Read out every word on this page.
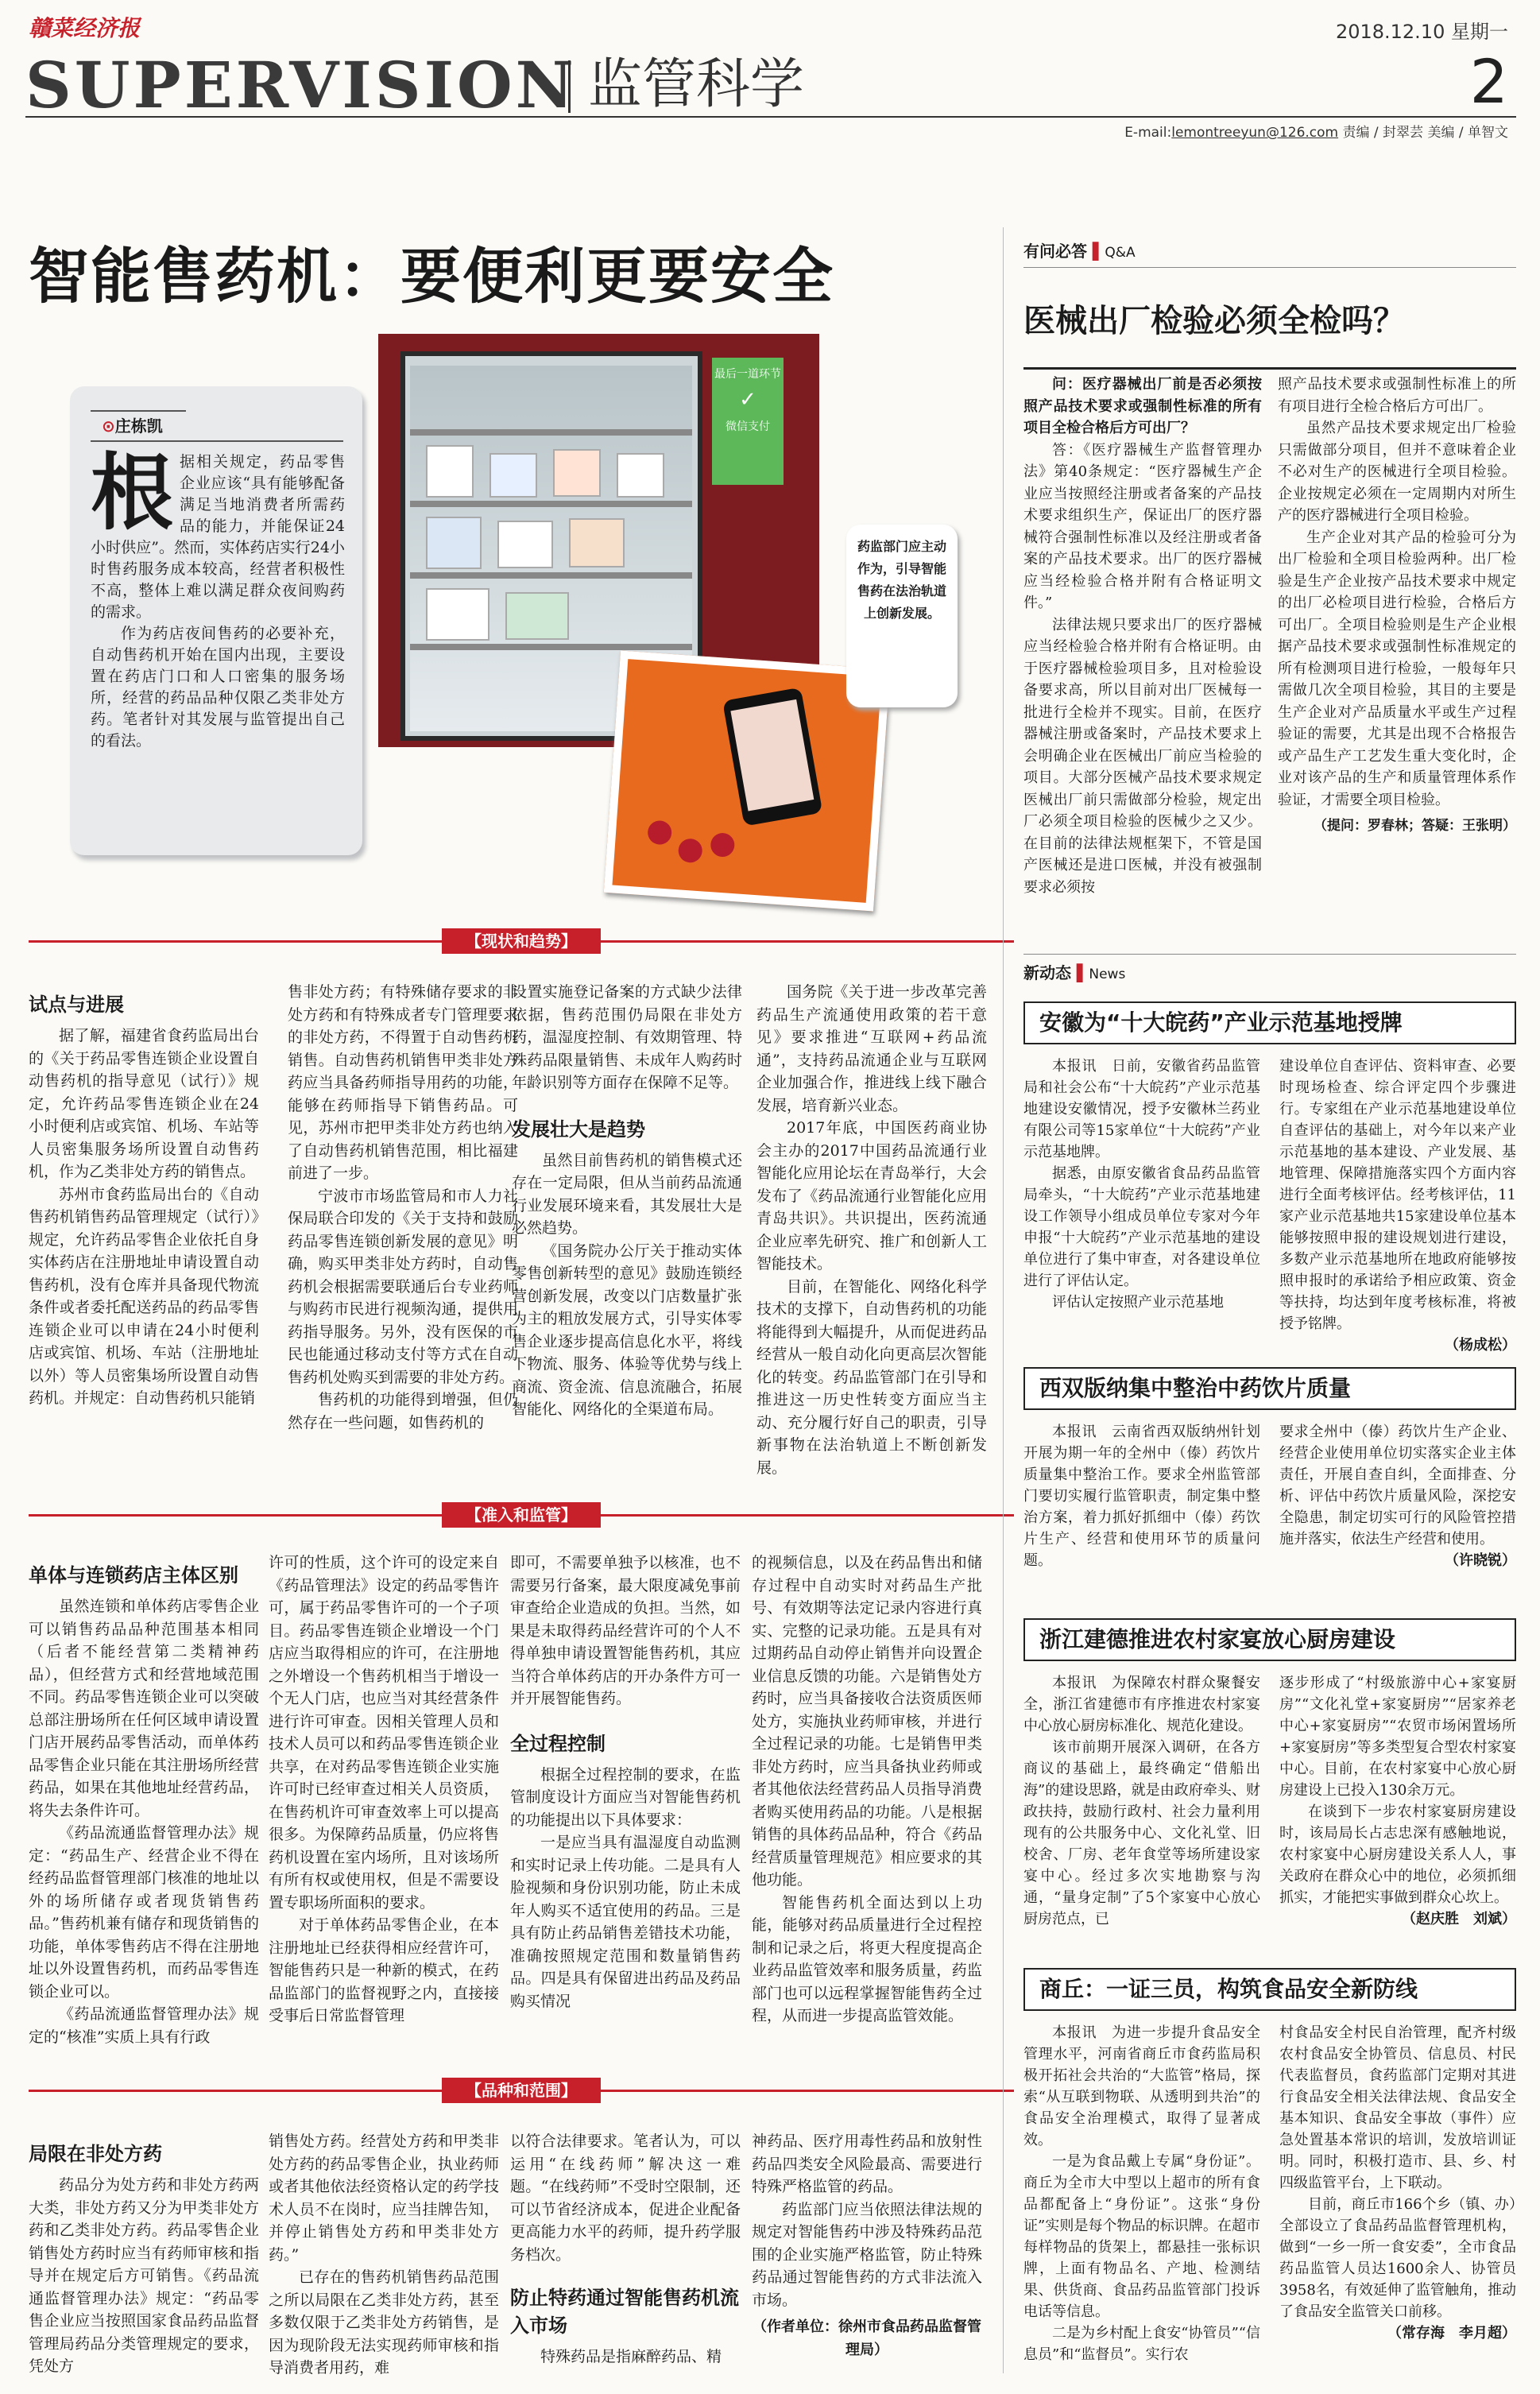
贛菜经济报	2018.12.10 星期一
SUPERVISION 监管科学	2
E-mail:lemontreeyun@126.com 责编 / 封翠芸 美编 / 单智文
智能售药机：要便利更要安全
⊙庄栋凯
根据相关规定，药品零售企业应该“具有能够配备满足当地消费者所需药品的能力，并能保证24小时供应”。然而，实体药店实行24小时售药服务成本较高，经营者积极性不高，整体上难以满足群众夜间购药的需求。
作为药店夜间售药的必要补充，自动售药机开始在国内出现，主要设置在药店门口和人口密集的服务场所，经营的药品品种仅限乙类非处方药。笔者针对其发展与监管提出自己的看法。
最后一道环节
✓
微信支付
药监部门应主动作为，引导智能售药在法治轨道上创新发展。
【现状和趋势】
试点与进展

据了解，福建省食药监局出台的《关于药品零售连锁企业设置自动售药机的指导意见（试行）》规定，允许药品零售连锁企业在24小时便利店或宾馆、机场、车站等人员密集服务场所设置自动售药机，作为乙类非处方药的销售点。

苏州市食药监局出台的《自动售药机销售药品管理规定（试行）》规定，允许药品零售企业依托自身实体药店在注册地址申请设置自动售药机，没有仓库并具备现代物流条件或者委托配送药品的药品零售连锁企业可以申请在24小时便利店或宾馆、机场、车站（注册地址以外）等人员密集场所设置自动售药机。并规定：自动售药机只能销

售非处方药；有特殊储存要求的非处方药和有特殊成者专门管理要求的非处方药，不得置于自动售药机销售。自动售药机销售甲类非处方药应当具备药师指导用药的功能，能够在药师指导下销售药品。可见，苏州市把甲类非处方药也纳入了自动售药机销售范围，相比福建前进了一步。

宁波市市场监管局和市人力社保局联合印发的《关于支持和鼓励药品零售连锁创新发展的意见》明确，购买甲类非处方药时，自动售药机会根据需要联通后台专业药师与购药市民进行视频沟通，提供用药指导服务。另外，没有医保的市民也能通过移动支付等方式在自动售药机处购买到需要的非处方药。

售药机的功能得到增强，但仍然存在一些问题，如售药机的

设置实施登记备案的方式缺少法律依据，售药范围仍局限在非处方药，温湿度控制、有效期管理、特殊药品限量销售、未成年人购药时年龄识别等方面存在保障不足等。

发展壮大是趋势

虽然目前售药机的销售模式还存在一定局限，但从当前药品流通行业发展环境来看，其发展壮大是必然趋势。

《国务院办公厅关于推动实体零售创新转型的意见》鼓励连锁经营创新发展，改变以门店数量扩张为主的粗放发展方式，引导实体零售企业逐步提高信息化水平，将线下物流、服务、体验等优势与线上商流、资金流、信息流融合，拓展智能化、网络化的全渠道布局。

国务院《关于进一步改革完善药品生产流通使用政策的若干意见》要求推进“互联网+药品流通”，支持药品流通企业与互联网企业加强合作，推进线上线下融合发展，培育新兴业态。

2017年底，中国医药商业协会主办的2017中国药品流通行业智能化应用论坛在青岛举行，大会发布了《药品流通行业智能化应用青岛共识》。共识提出，医药流通企业应率先研究、推广和创新人工智能技术。

目前，在智能化、网络化科学技术的支撑下，自动售药机的功能将能得到大幅提升，从而促进药品经营从一般自动化向更高层次智能化的转变。药品监管部门在引导和推进这一历史性转变方面应当主动、充分履行好自己的职责，引导新事物在法治轨道上不断创新发展。

【准入和监管】
单体与连锁药店主体区别

虽然连锁和单体药店零售企业可以销售药品品种范围基本相同（后者不能经营第二类精神药品），但经营方式和经营地域范围不同。药品零售连锁企业可以突破总部注册场所在任何区域申请设置门店开展药品零售活动，而单体药品零售企业只能在其注册场所经营药品，如果在其他地址经营药品，将失去条件许可。

《药品流通监督管理办法》规定：“药品生产、经营企业不得在经药品监督管理部门核准的地址以外的场所储存或者现货销售药品。”售药机兼有储存和现货销售的功能，单体零售药店不得在注册地址以外设置售药机，而药品零售连锁企业可以。

《药品流通监督管理办法》规定的“核准”实质上具有行政

许可的性质，这个许可的设定来自《药品管理法》设定的药品零售许可，属于药品零售许可的一个子项目。药品零售连锁企业增设一个门店应当取得相应的许可，在注册地之外增设一个售药机相当于增设一个无人门店，也应当对其经营条件进行许可审查。因相关管理人员和技术人员可以和药品零售连锁企业共享，在对药品零售连锁企业实施许可时已经审查过相关人员资质，在售药机许可审查效率上可以提高很多。为保障药品质量，仍应将售药机设置在室内场所，且对该场所有所有权或使用权，但是不需要设置专职场所面积的要求。

对于单体药品零售企业，在本注册地址已经获得相应经营许可，智能售药只是一种新的模式，在药品监部门的监督视野之内，直接接受事后日常监督管理

即可，不需要单独予以核准，也不需要另行备案，最大限度减免事前审查给企业造成的负担。当然，如果是未取得药品经营许可的个人不得单独申请设置智能售药机，其应当符合单体药店的开办条件方可一并开展智能售药。

全过程控制

根据全过程控制的要求，在监管制度设计方面应当对智能售药机的功能提出以下具体要求：

一是应当具有温湿度自动监测和实时记录上传功能。二是具有人脸视频和身份识别功能，防止未成年人购买不适宜使用的药品。三是具有防止药品销售差错技术功能，准确按照规定范围和数量销售药品。四是具有保留进出药品及药品购买情况

的视频信息，以及在药品售出和储存过程中自动实时对药品生产批号、有效期等法定记录内容进行真实、完整的记录功能。五是具有对过期药品自动停止销售并向设置企业信息反馈的功能。六是销售处方药时，应当具备接收合法资质医师处方，实施执业药师审核，并进行全过程记录的功能。七是销售甲类非处方药时，应当具备执业药师或者其他依法经营药品人员指导消费者购买使用药品的功能。八是根据销售的具体药品品种，符合《药品经营质量管理规范》相应要求的其他功能。

智能售药机全面达到以上功能，能够对药品质量进行全过程控制和记录之后，将更大程度提高企业药品监管效率和服务质量，药监部门也可以远程掌握智能售药全过程，从而进一步提高监管效能。

【品种和范围】
局限在非处方药

药品分为处方药和非处方药两大类，非处方药又分为甲类非处方药和乙类非处方药。药品零售企业销售处方药时应当有药师审核和指导并在规定后方可销售。《药品流通监督管理办法》规定：“药品零售企业应当按照国家食品药品监督管理局药品分类管理规定的要求，凭处方

销售处方药。经营处方药和甲类非处方药的药品零售企业，执业药师或者其他依法经资格认定的药学技术人员不在岗时，应当挂牌告知，并停止销售处方药和甲类非处方药。”

已存在的售药机销售药品范围之所以局限在乙类非处方药，甚至多数仅限于乙类非处方药销售，是因为现阶段无法实现药师审核和指导消费者用药，难

以符合法律要求。笔者认为，可以运用“在线药师”解决这一难题。“在线药师”不受时空限制，还可以节省经济成本，促进企业配备更高能力水平的药师，提升药学服务档次。

防止特药通过智能售药机流入市场

特殊药品是指麻醉药品、精

神药品、医疗用毒性药品和放射性药品四类安全风险最高、需要进行特殊严格监管的药品。

药监部门应当依照法律法规的规定对智能售药中涉及特殊药品范围的企业实施严格监管，防止特殊药品通过智能售药的方式非法流入市场。

（作者单位：徐州市食品药品监督管理局）
有问必答 ▌Q&A
医械出厂检验必须全检吗？

问：医疗器械出厂前是否必须按照产品技术要求或强制性标准的所有项目全检合格后方可出厂？

答：《医疗器械生产监督管理办法》第40条规定：“医疗器械生产企业应当按照经注册或者备案的产品技术要求组织生产，保证出厂的医疗器械符合强制性标准以及经注册或者备案的产品技术要求。出厂的医疗器械应当经检验合格并附有合格证明文件。”

法律法规只要求出厂的医疗器械应当经检验合格并附有合格证明。由于医疗器械检验项目多，且对检验设备要求高，所以目前对出厂医械每一批进行全检并不现实。目前，在医疗器械注册或备案时，产品技术要求上会明确企业在医械出厂前应当检验的项目。大部分医械产品技术要求规定医械出厂前只需做部分检验，规定出厂必须全项目检验的医械少之又少。在目前的法律法规框架下，不管是国产医械还是进口医械，并没有被强制要求必须按

照产品技术要求或强制性标准上的所有项目进行全检合格后方可出厂。

虽然产品技术要求规定出厂检验只需做部分项目，但并不意味着企业不必对生产的医械进行全项目检验。企业按规定必须在一定周期内对所生产的医疗器械进行全项目检验。

生产企业对其产品的检验可分为出厂检验和全项目检验两种。出厂检验是生产企业按产品技术要求中规定的出厂必检项目进行检验，合格后方可出厂。全项目检验则是生产企业根据产品技术要求或强制性标准规定的所有检测项目进行检验，一般每年只需做几次全项目检验，其目的主要是生产企业对产品质量水平或生产过程验证的需要，尤其是出现不合格报告或产品生产工艺发生重大变化时，企业对该产品的生产和质量管理体系作验证，才需要全项目检验。

（提问：罗春林；答疑：王张明）
新动态 ▌News
安徽为“十大皖药”产业示范基地授牌

本报讯　日前，安徽省药品监管局和社会公布“十大皖药”产业示范基地建设安徽情况，授予安徽林兰药业有限公司等15家单位“十大皖药”产业示范基地牌。

据悉，由原安徽省食品药品监管局牵头，“十大皖药”产业示范基地建设工作领导小组成员单位专家对今年申报“十大皖药”产业示范基地的建设单位进行了集中审查，对各建设单位进行了评估认定。

评估认定按照产业示范基地

建设单位自查评估、资料审查、必要时现场检查、综合评定四个步骤进行。专家组在产业示范基地建设单位自查评估的基础上，对今年以来产业示范基地的基本建设、产业发展、基地管理、保障措施落实四个方面内容进行全面考核评估。经考核评估，11家产业示范基地共15家建设单位基本能够按照申报的建设规划进行建设，多数产业示范基地所在地政府能够按照申报时的承诺给予相应政策、资金等扶持，均达到年度考核标准，将被授予铭牌。

（杨成松）
西双版纳集中整治中药饮片质量

本报讯　云南省西双版纳州针划开展为期一年的全州中（傣）药饮片质量集中整治工作。要求全州监管部门要切实履行监管职责，制定集中整治方案，着力抓好抓细中（傣）药饮片生产、经营和使用环节的质量问题。

要求全州中（傣）药饮片生产企业、经营企业使用单位切实落实企业主体责任，开展自查自纠，全面排查、分析、评估中药饮片质量风险，深挖安全隐患，制定切实可行的风险管控措施并落实，依法生产经营和使用。

（许晓锐）
浙江建德推进农村家宴放心厨房建设

本报讯　为保障农村群众聚餐安全，浙江省建德市有序推进农村家宴中心放心厨房标准化、规范化建设。

该市前期开展深入调研，在各方商议的基础上，最终确定“借船出海”的建设思路，就是由政府牵头、财政扶持，鼓励行政村、社会力量利用现有的公共服务中心、文化礼堂、旧校舍、厂房、老年食堂等场所建设家宴中心。经过多次实地勘察与沟通，“量身定制”了5个家宴中心放心厨房范点，已

逐步形成了“村级旅游中心+家宴厨房”“文化礼堂+家宴厨房”“居家养老中心+家宴厨房”“农贸市场闲置场所+家宴厨房”等多类型复合型农村家宴中心。目前，在农村家宴中心放心厨房建设上已投入130余万元。

在谈到下一步农村家宴厨房建设时，该局局长占志忠深有感触地说，农村家宴中心厨房建设关系人人，事关政府在群众心中的地位，必须抓细抓实，才能把实事做到群众心坎上。

（赵庆胜　刘斌）
商丘：一证三员，构筑食品安全新防线

本报讯　为进一步提升食品安全管理水平，河南省商丘市食药监局积极开拓社会共治的“大监管”格局，探索“从互联到物联、从透明到共治”的食品安全治理模式，取得了显著成效。

一是为食品戴上专属“身份证”。商丘为全市大中型以上超市的所有食品都配备上“身份证”。这张“身份证”实则是每个物品的标识牌。在超市每样物品的货架上，都悬挂一张标识牌，上面有物品名、产地、检测结果、供货商、食品药品监管部门投诉电话等信息。

二是为乡村配上食安“协管员”“信息员”和“监督员”。实行农

村食品安全村民自治管理，配齐村级农村食品安全协管员、信息员、村民代表监督员，食药监部门定期对其进行食品安全相关法律法规、食品安全基本知识、食品安全事故（事件）应急处置基本常识的培训，发放培训证明。同时，积极打造市、县、乡、村四级监管平台，上下联动。

目前，商丘市166个乡（镇、办）全部设立了食品药品监督管理机构，做到“一乡一所一食安委”，全市食品药品监管人员达1600余人、协管员3958名，有效延伸了监管触角，推动了食品安全监管关口前移。

（常存海　李月超）
